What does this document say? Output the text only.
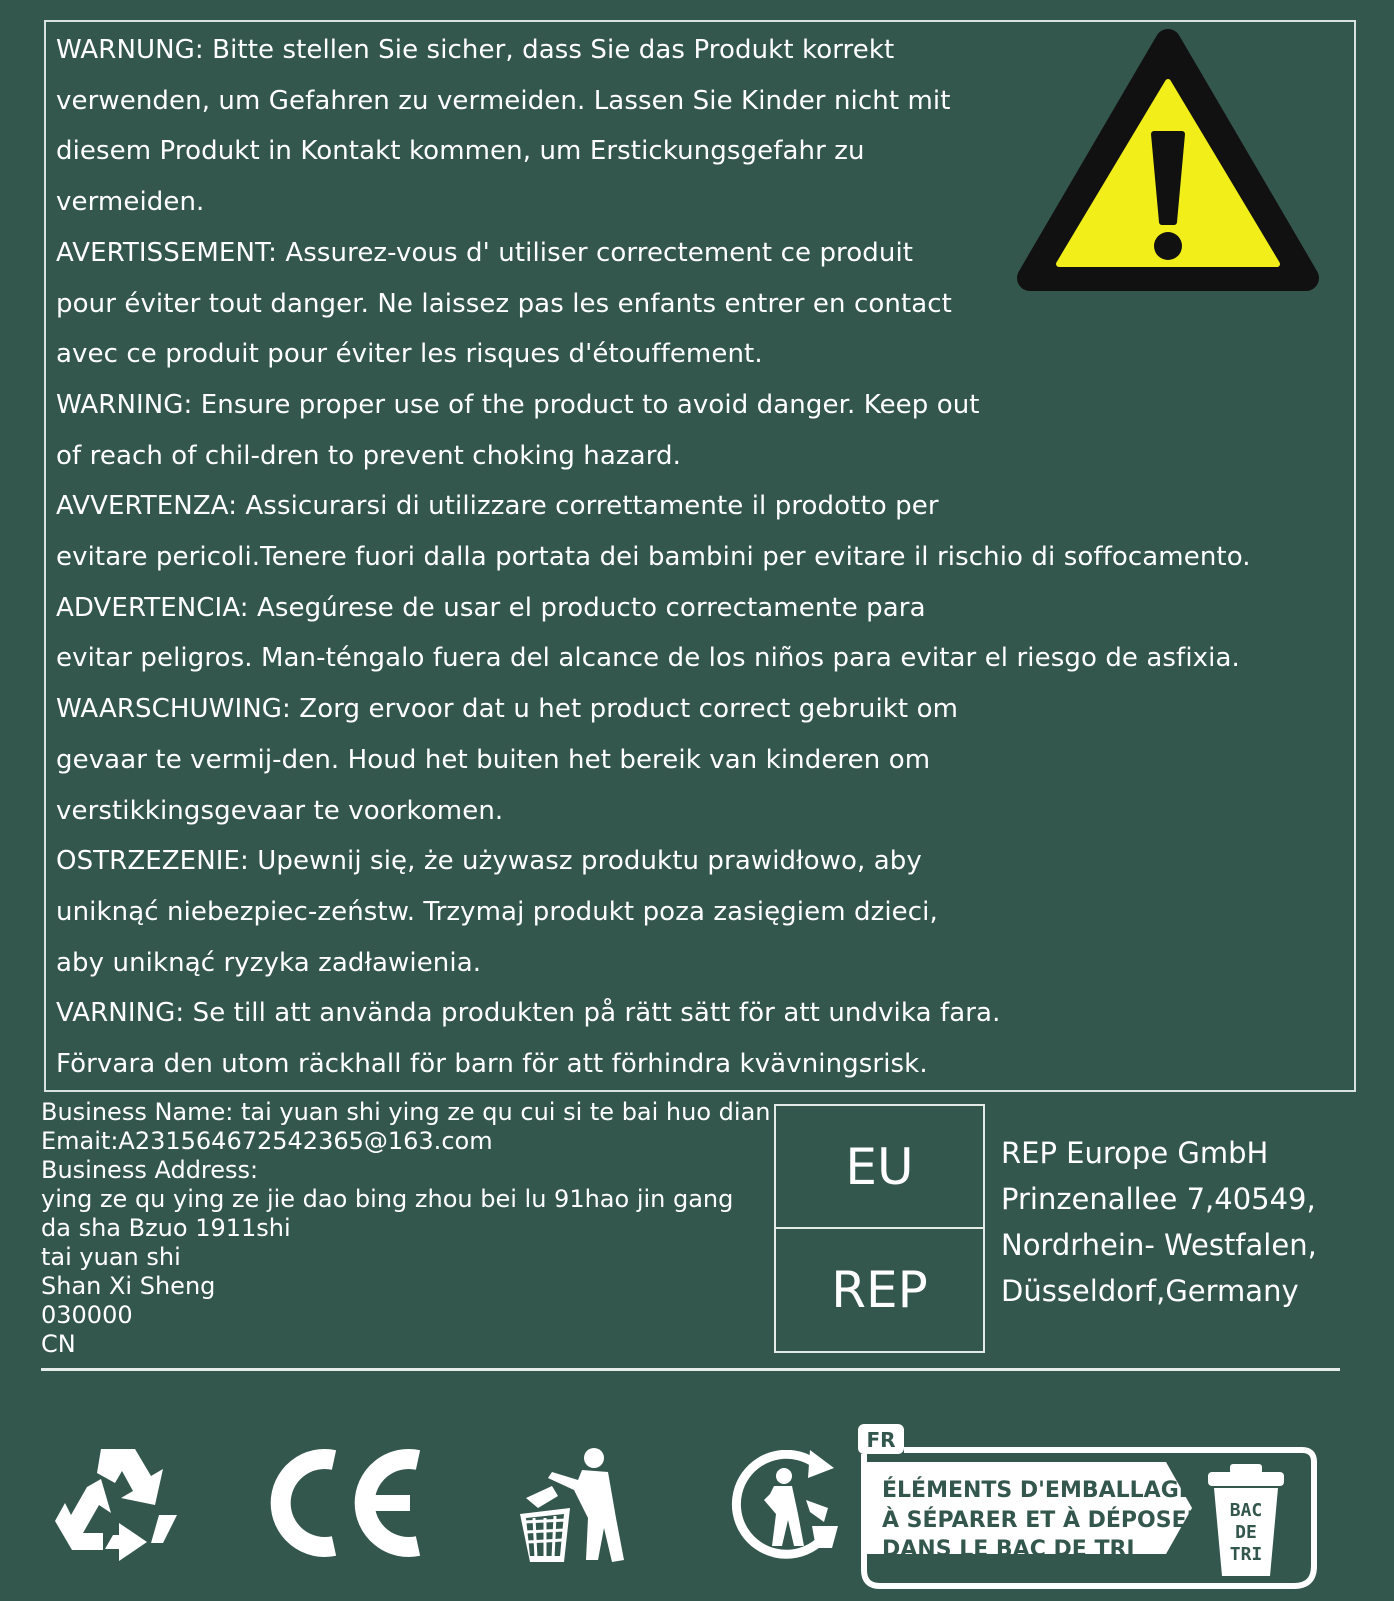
WARNUNG: Bitte stellen Sie sicher, dass Sie das Produkt korrekt
verwenden, um Gefahren zu vermeiden. Lassen Sie Kinder nicht mit
diesem Produkt in Kontakt kommen, um Erstickungsgefahr zu
vermeiden.
AVERTISSEMENT: Assurez-vous d' utiliser correctement ce produit
pour éviter tout danger. Ne laissez pas les enfants entrer en contact
avec ce produit pour éviter les risques d'étouffement.
WARNING: Ensure proper use of the product to avoid danger. Keep out
of reach of chil-dren to prevent choking hazard.
AVVERTENZA: Assicurarsi di utilizzare correttamente il prodotto per
evitare pericoli.Tenere fuori dalla portata dei bambini per evitare il rischio di soffocamento.
ADVERTENCIA: Asegúrese de usar el producto correctamente para
evitar peligros. Man-téngalo fuera del alcance de los niños para evitar el riesgo de asfixia.
WAARSCHUWING: Zorg ervoor dat u het product correct gebruikt om
gevaar te vermij-den. Houd het buiten het bereik van kinderen om
verstikkingsgevaar te voorkomen.
OSTRZEZENIE: Upewnij się, że używasz produktu prawidłowo, aby
uniknąć niebezpiec-zeństw. Trzymaj produkt poza zasięgiem dzieci,
aby uniknąć ryzyka zadławienia.
VARNING: Se till att använda produkten på rätt sätt för att undvika fara.
Förvara den utom räckhall för barn för att förhindra kvävningsrisk.
Business Name: tai yuan shi ying ze qu cui si te bai huo dian
Emait:A231564672542365@163.com
Business Address:
ying ze qu ying ze jie dao bing zhou bei lu 91hao jin gang
da sha Bzuo 1911shi
tai yuan shi
Shan Xi Sheng
030000
CN
EU
REP
REP Europe GmbH
Prinzenallee 7,40549,
Nordrhein- Westfalen,
Düsseldorf,Germany
FR
ÉLÉMENTS D'EMBALLAGE
À SÉPARER ET À DÉPOSER
DANS LE BAC DE TRI
BAC
DE
TRI
